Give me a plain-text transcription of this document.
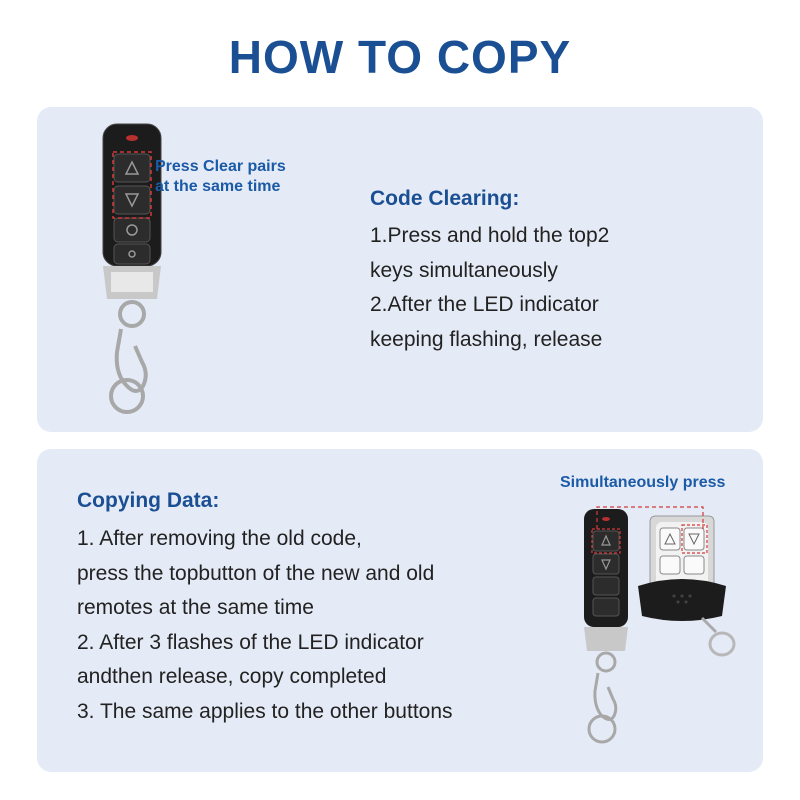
HOW TO COPY
Press Clear pairs
at the same time
Code Clearing:
1.Press and hold the top2
keys simultaneously
2.After the LED indicator
keeping flashing, release
Copying Data:
1. After removing the old code,
press the topbutton of the new and old
remotes at the same time
2. After 3 flashes of the LED indicator
andthen release, copy completed
3. The same applies to the other buttons
Simultaneously press
